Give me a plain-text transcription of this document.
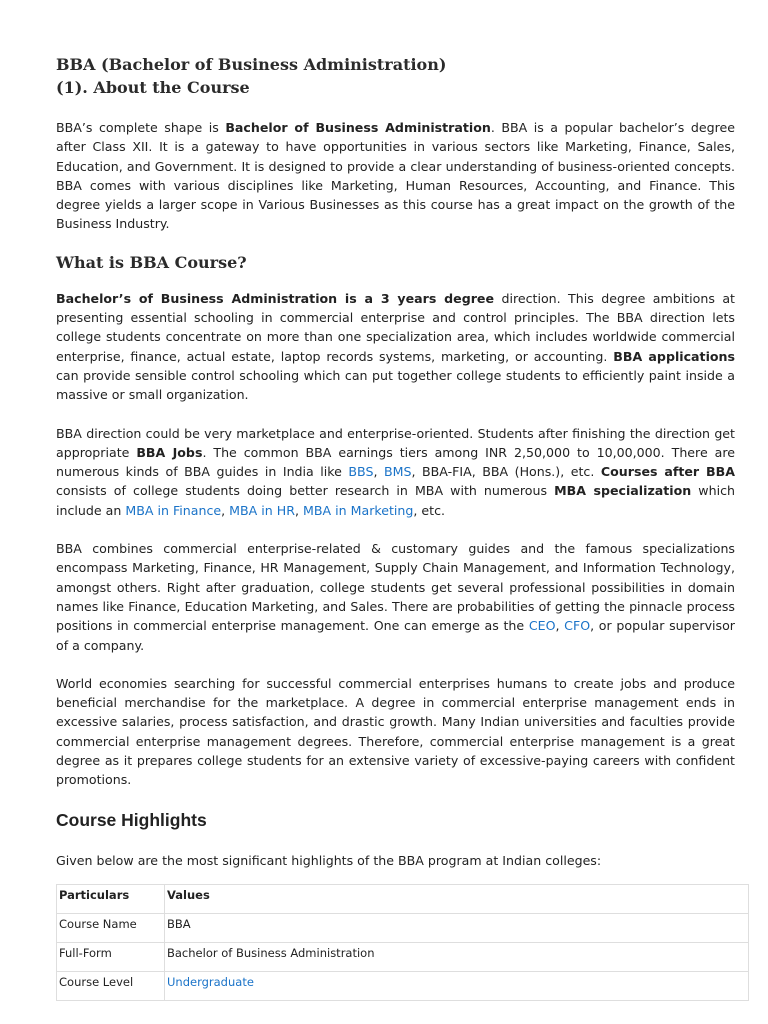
BBA (Bachelor of Business Administration)
(1). About the Course

BBA’s complete shape is Bachelor of Business Administration. BBA is a popular bachelor’s degree after Class XII. It is a gateway to have opportunities in various sectors like Marketing, Finance, Sales, Education, and Government. It is designed to provide a clear understanding of business-oriented concepts. BBA comes with various disciplines like Marketing, Human Resources, Accounting, and Finance. This degree yields a larger scope in Various Businesses as this course has a great impact on the growth of the Business Industry.

What is BBA Course?

Bachelor’s of Business Administration is a 3 years degree direction. This degree ambitions at presenting essential schooling in commercial enterprise and control principles. The BBA direction lets college students concentrate on more than one specialization area, which includes worldwide commercial enterprise, finance, actual estate, laptop records systems, marketing, or accounting. BBA applications can provide sensible control schooling which can put together college students to efficiently paint inside a massive or small organization.

BBA direction could be very marketplace and enterprise-oriented. Students after finishing the direction get appropriate BBA Jobs. The common BBA earnings tiers among INR 2,50,000 to 10,00,000. There are numerous kinds of BBA guides in India like BBS, BMS, BBA-FIA, BBA (Hons.), etc. Courses after BBA consists of college students doing better research in MBA with numerous MBA specialization which include an MBA in Finance, MBA in HR, MBA in Marketing, etc.

BBA combines commercial enterprise-related & customary guides and the famous specializations encompass Marketing, Finance, HR Management, Supply Chain Management, and Information Technology, amongst others. Right after graduation, college students get several professional possibilities in domain names like Finance, Education Marketing, and Sales. There are probabilities of getting the pinnacle process positions in commercial enterprise management. One can emerge as the CEO, CFO, or popular supervisor of a company.

World economies searching for successful commercial enterprises humans to create jobs and produce beneficial merchandise for the marketplace. A degree in commercial enterprise management ends in excessive salaries, process satisfaction, and drastic growth. Many Indian universities and faculties provide commercial enterprise management degrees. Therefore, commercial enterprise management is a great degree as it prepares college students for an extensive variety of excessive-paying careers with confident promotions.

Course Highlights

Given below are the most significant highlights of the BBA program at Indian colleges:

Particulars	Values
Course Name	BBA
Full-Form	Bachelor of Business Administration
Course Level	Undergraduate
